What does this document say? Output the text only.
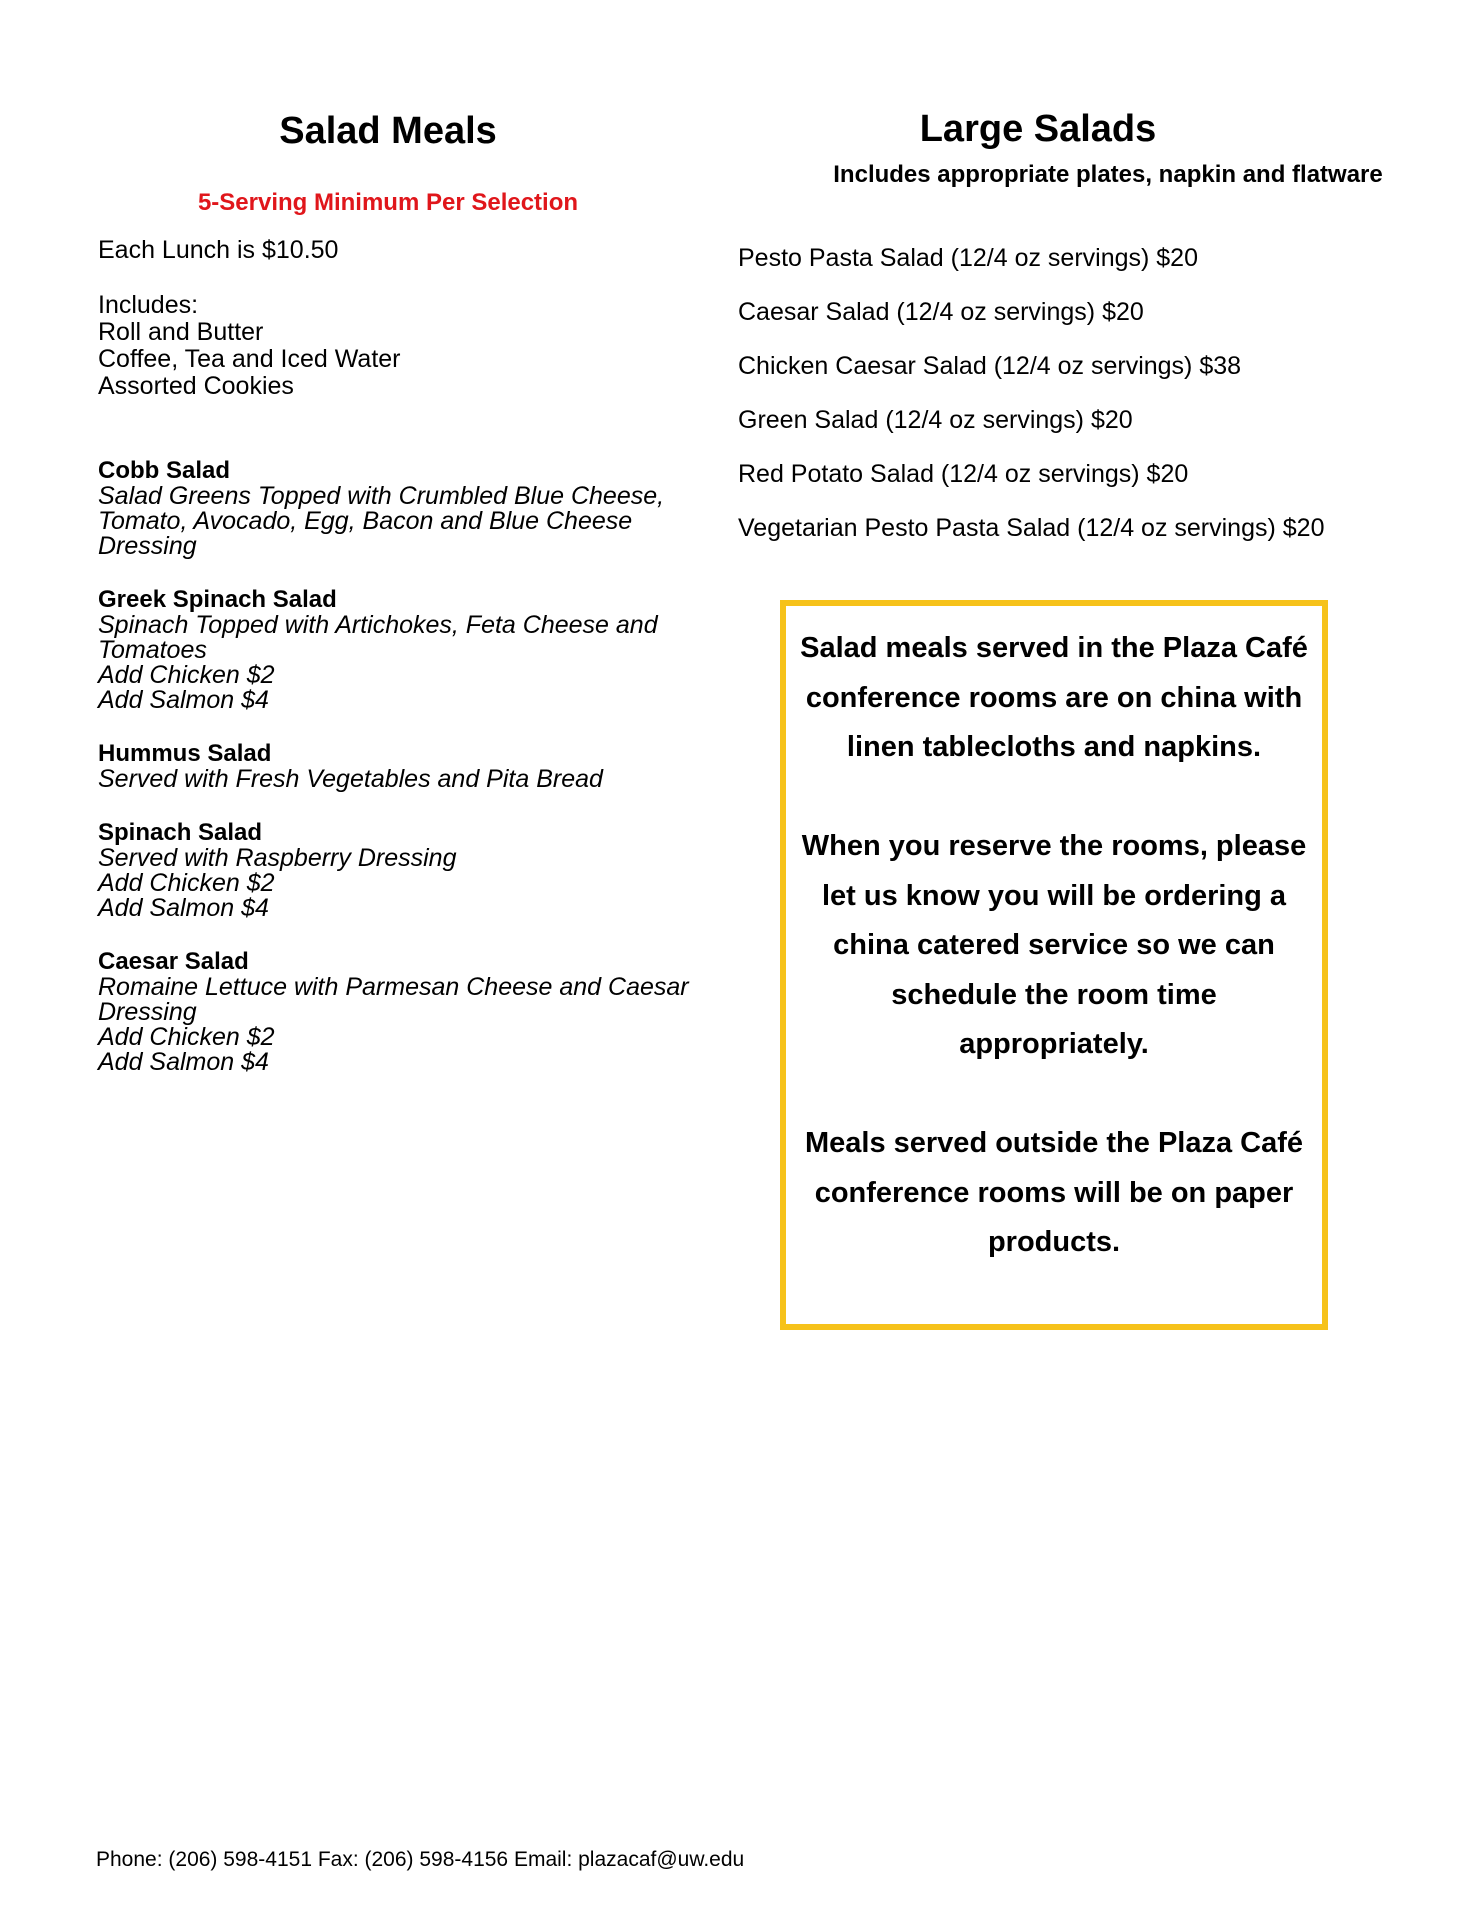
Salad Meals
5-Serving Minimum Per Selection
Each Lunch is $10.50
Includes:
Roll and Butter
Coffee, Tea and Iced Water
Assorted Cookies
Cobb Salad
Salad Greens Topped with Crumbled Blue Cheese,
Tomato, Avocado, Egg, Bacon and Blue Cheese
Dressing
Greek Spinach Salad
Spinach Topped with Artichokes, Feta Cheese and
Tomatoes
Add Chicken $2
Add Salmon $4
Hummus Salad
Served with Fresh Vegetables and Pita Bread
Spinach Salad
Served with Raspberry Dressing
Add Chicken $2
Add Salmon $4
Caesar Salad
Romaine Lettuce with Parmesan Cheese and Caesar
Dressing
Add Chicken $2
Add Salmon $4
Large Salads
Includes appropriate plates, napkin and flatware
Pesto Pasta Salad (12/4 oz servings) $20
Caesar Salad (12/4 oz servings) $20
Chicken Caesar Salad (12/4 oz servings) $38
Green Salad (12/4 oz servings) $20
Red Potato Salad (12/4 oz servings) $20
Vegetarian Pesto Pasta Salad (12/4 oz servings) $20

Salad meals served in the Plaza Café conference rooms are on china with linen tablecloths and napkins.

When you reserve the rooms, please let us know you will be ordering a china catered service so we can schedule the room time appropriately.

Meals served outside the Plaza Café conference rooms will be on paper products.

Phone: (206) 598-4151 Fax: (206) 598-4156 Email: plazacaf@uw.edu
